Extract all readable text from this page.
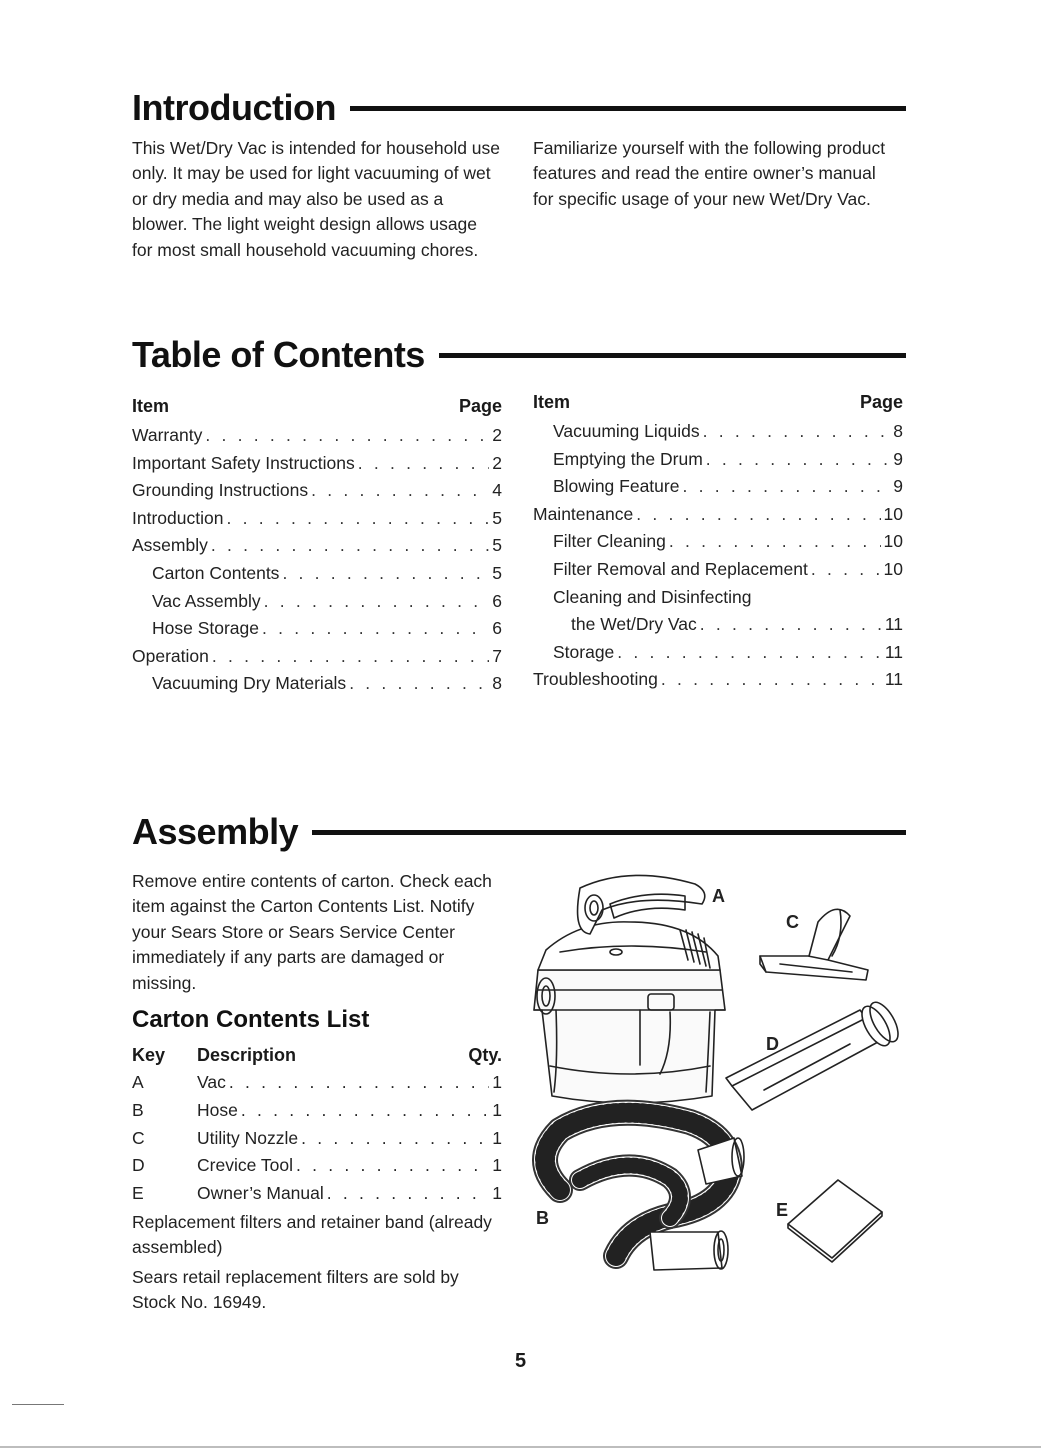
Introduction

This Wet/Dry Vac is intended for household use only. It may be used for light vacuuming of wet or dry media and may also be used as a blower. The light weight design allows usage for most small household vacuuming chores.

Familiarize yourself with the following product features and read the entire owner’s manual for specific usage of your new Wet/Dry Vac.

Table of Contents
Item	Page
Warranty . . .	2
Important Safety Instructions . . .	2
Grounding Instructions . . .	4
Introduction . . .	5
Assembly . . .	5
Carton Contents . . .	5
Vac Assembly . . .	6
Hose Storage . . .	6
Operation . . .	7
Vacuuming Dry Materials . . .	8
Item	Page
Vacuuming Liquids . . .	8
Emptying the Drum . . .	9
Blowing Feature . . .	9
Maintenance . . .	10
Filter Cleaning . . .	10
Filter Removal and Replacement . . .	10
Cleaning and Disinfecting
the Wet/Dry Vac . . .	11
Storage . . .	11
Troubleshooting . . .	11
Assembly

Remove entire contents of carton. Check each item against the Carton Contents List. Notify your Sears Store or Sears Service Center immediately if any parts are damaged or missing.

Carton Contents List
Key	Description	Qty.
A	Vac . . .	1
B	Hose . . .	1
C	Utility Nozzle . . .	1
D	Crevice Tool . . .	1
E	Owner’s Manual . . .	1

Replacement filters and retainer band (already assembled)

Sears retail replacement filters are sold by Stock No. 16949.

A
C
D
B	E
5
